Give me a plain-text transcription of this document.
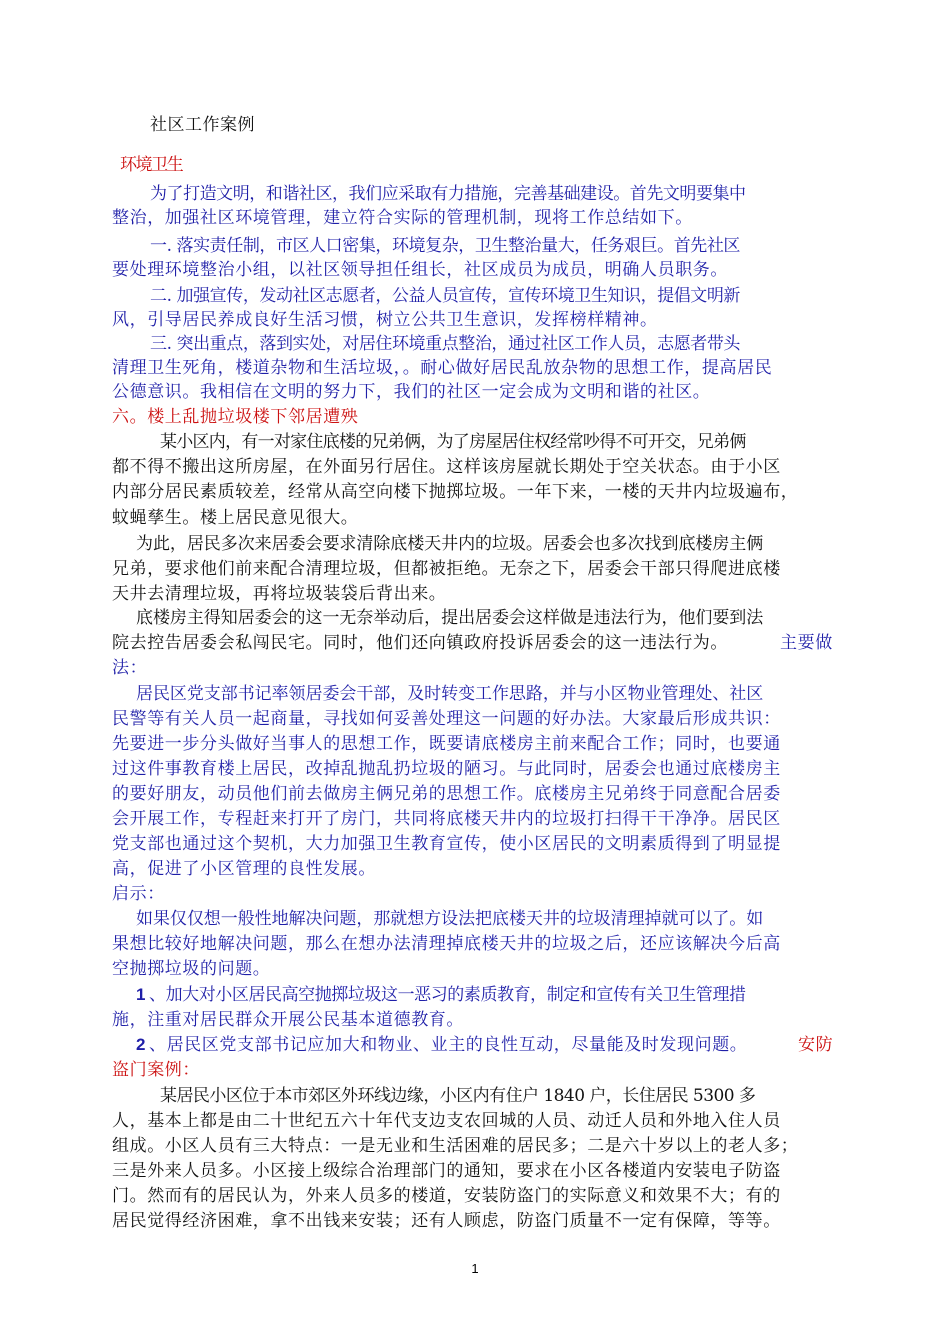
社区工作案例
环境卫生
为了打造文明，和谐社区，我们应采取有力措施，完善基础建设。首先文明要集中
整治，加强社区环境管理，建立符合实际的管理机制，现将工作总结如下。
一. 落实责任制，市区人口密集，环境复杂，卫生整治量大，任务艰巨。首先社区
要处理环境整治小组，以社区领导担任组长，社区成员为成员，明确人员职务。
二. 加强宣传，发动社区志愿者，公益人员宣传，宣传环境卫生知识，提倡文明新
风，引导居民养成良好生活习惯，树立公共卫生意识，发挥榜样精神。
三. 突出重点，落到实处，对居住环境重点整治，通过社区工作人员，志愿者带头
清理卫生死角，楼道杂物和生活垃圾，。耐心做好居民乱放杂物的思想工作，提高居民
公德意识。我相信在文明的努力下，我们的社区一定会成为文明和谐的社区。
六。楼上乱抛垃圾楼下邻居遭殃
某小区内，有一对家住底楼的兄弟俩，为了房屋居住权经常吵得不可开交，兄弟俩
都不得不搬出这所房屋，在外面另行居住。这样该房屋就长期处于空关状态。由于小区
内部分居民素质较差，经常从高空向楼下抛掷垃圾。一年下来，一楼的天井内垃圾遍布，
蚊蝇孳生。楼上居民意见很大。
为此，居民多次来居委会要求清除底楼天井内的垃圾。居委会也多次找到底楼房主俩
兄弟，要求他们前来配合清理垃圾，但都被拒绝。无奈之下，居委会干部只得爬进底楼
天井去清理垃圾，再将垃圾装袋后背出来。
底楼房主得知居委会的这一无奈举动后，提出居委会这样做是违法行为，他们要到法
院去控告居委会私闯民宅。同时，他们还向镇政府投诉居委会的这一违法行为。	主要做
法：
居民区党支部书记率领居委会干部，及时转变工作思路，并与小区物业管理处、社区
民警等有关人员一起商量，寻找如何妥善处理这一问题的好办法。大家最后形成共识：
先要进一步分头做好当事人的思想工作，既要请底楼房主前来配合工作；同时，也要通
过这件事教育楼上居民，改掉乱抛乱扔垃圾的陋习。与此同时，居委会也通过底楼房主
的要好朋友，动员他们前去做房主俩兄弟的思想工作。底楼房主兄弟终于同意配合居委
会开展工作，专程赶来打开了房门，共同将底楼天井内的垃圾打扫得干干净净。居民区
党支部也通过这个契机，大力加强卫生教育宣传，使小区居民的文明素质得到了明显提
高，促进了小区管理的良性发展。
启示：
如果仅仅想一般性地解决问题，那就想方设法把底楼天井的垃圾清理掉就可以了。如
果想比较好地解决问题，那么在想办法清理掉底楼天井的垃圾之后，还应该解决今后高
空抛掷垃圾的问题。
1 、加大对小区居民高空抛掷垃圾这一恶习的素质教育，制定和宣传有关卫生管理措
施，注重对居民群众开展公民基本道德教育。
2 、居民区党支部书记应加大和物业、业主的良性互动，尽量能及时发现问题。	安防
盗门案例：
某居民小区位于本市郊区外环线边缘，小区内有住户 1840 户，长住居民 5300 多
人，基本上都是由二十世纪五六十年代支边支农回城的人员、动迁人员和外地入住人员
组成。小区人员有三大特点：一是无业和生活困难的居民多；二是六十岁以上的老人多；
三是外来人员多。小区接上级综合治理部门的通知，要求在小区各楼道内安装电子防盗
门。然而有的居民认为，外来人员多的楼道，安装防盗门的实际意义和效果不大；有的
居民觉得经济困难，拿不出钱来安装；还有人顾虑，防盗门质量不一定有保障，等等。
1
